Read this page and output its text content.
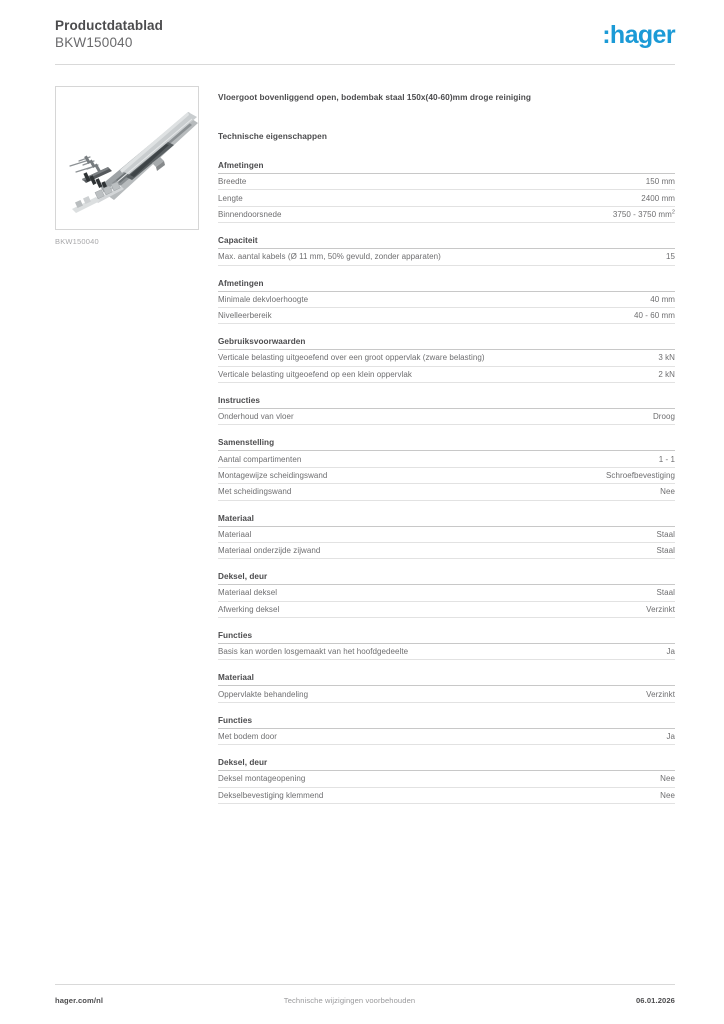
Productdatablad
BKW150040	:hager
BKW150040
Vloergoot bovenliggend open, bodembak staal 150x(40-60)mm droge reiniging
Technische eigenschappen
Afmetingen
Breedte	150 mm
Lengte	2400 mm
Binnendoorsnede	3750 - 3750 $mm^2$
Capaciteit
Max. aantal kabels (Ø 11 mm, 50% gevuld, zonder apparaten)	15
Afmetingen
Minimale dekvloerhoogte	40 mm
Nivelleerbereik	40 - 60 mm
Gebruiksvoorwaarden
Verticale belasting uitgeoefend over een groot oppervlak (zware belasting)	3 kN
Verticale belasting uitgeoefend op een klein oppervlak	2 kN
Instructies
Onderhoud van vloer	Droog
Samenstelling
Aantal compartimenten	1 - 1
Montagewijze scheidingswand	Schroefbevestiging
Met scheidingswand	Nee
Materiaal
Materiaal	Staal
Materiaal onderzijde zijwand	Staal
Deksel, deur
Materiaal deksel	Staal
Afwerking deksel	Verzinkt
Functies
Basis kan worden losgemaakt van het hoofdgedeelte	Ja
Materiaal
Oppervlakte behandeling	Verzinkt
Functies
Met bodem door	Ja
Deksel, deur
Deksel montageopening	Nee
Dekselbevestiging klemmend	Nee
hager.com/nl	Technische wijzigingen voorbehouden	06.01.2026
